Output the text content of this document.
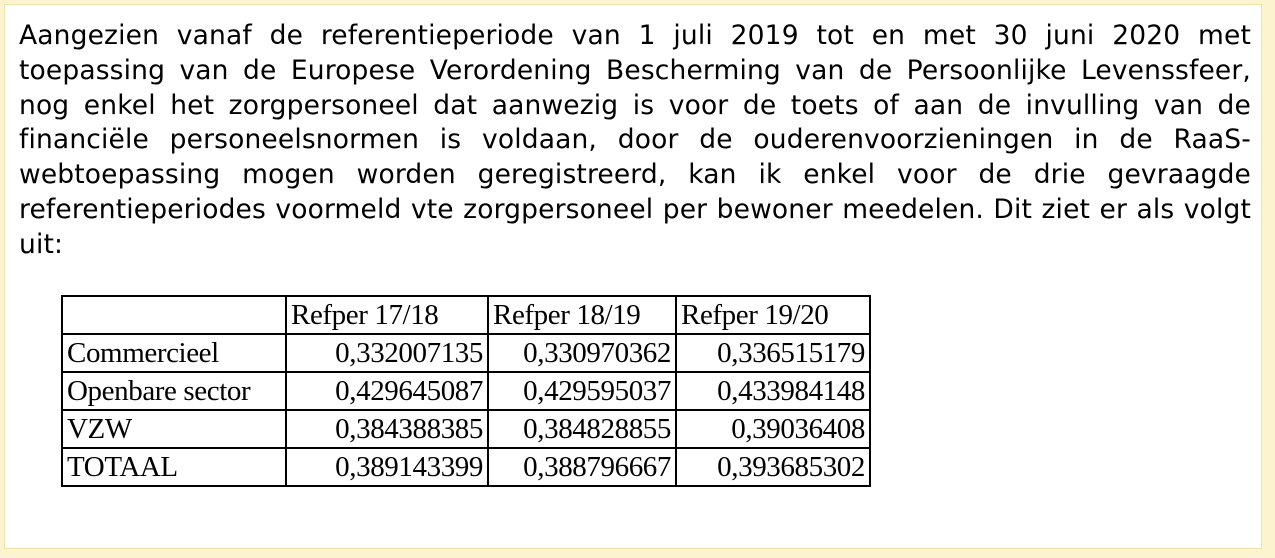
Aangezien vanaf de referentieperiode van 1 juli 2019 tot en met 30 juni 2020 met toepassing van de Europese Verordening Bescherming van de Persoonlijke Levenssfeer, nog enkel het zorgpersoneel dat aanwezig is voor de toets of aan de invulling van de financiële personeelsnormen is voldaan, door de ouderenvoorzieningen in de RaaS-webtoepassing mogen worden geregistreerd, kan ik enkel voor de drie gevraagde referentieperiodes voormeld vte zorgpersoneel per bewoner meedelen. Dit ziet er als volgt uit:

	Refper 17/18	Refper 18/19	Refper 19/20
Commercieel	0,332007135	0,330970362	0,336515179
Openbare sector	0,429645087	0,429595037	0,433984148
VZW	0,384388385	0,384828855	0,39036408
TOTAAL	0,389143399	0,388796667	0,393685302
